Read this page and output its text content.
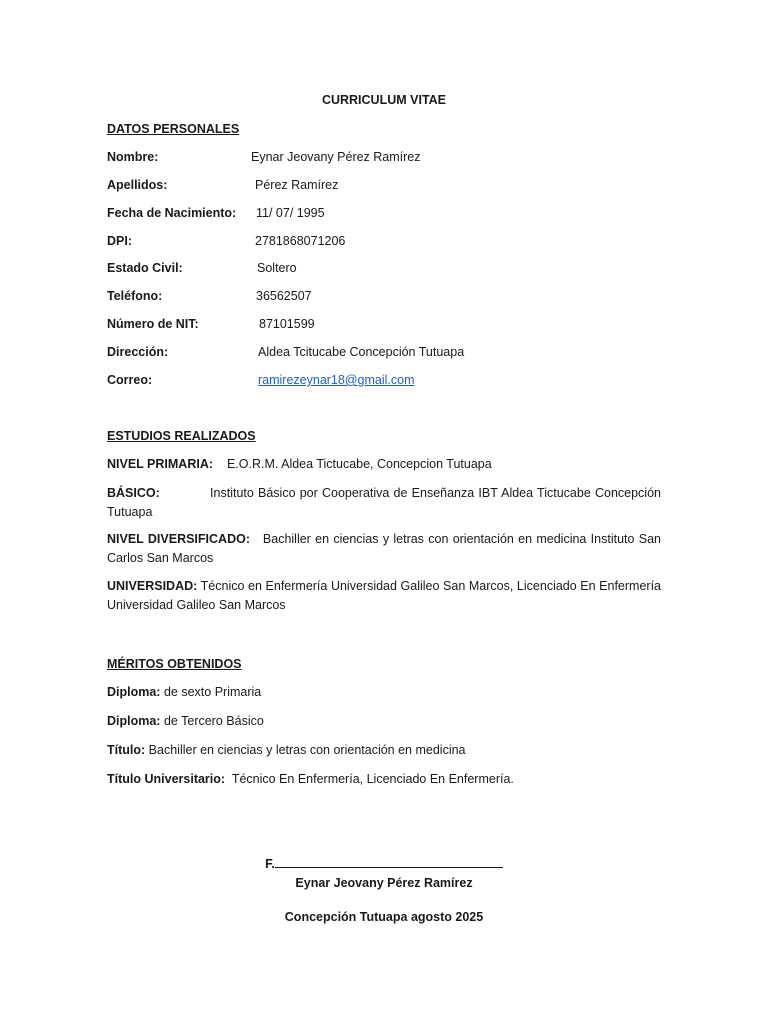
CURRICULUM VITAE
DATOS PERSONALES
Nombre:	Eynar Jeovany Pérez Ramírez
Apellidos:	Pérez Ramírez
Fecha de Nacimiento: 11/ 07/ 1995
DPI:	2781868071206
Estado Civil:	Soltero
Teléfono:	36562507
Número de NIT:	87101599
Dirección:	Aldea Tcitucabe Concepción Tutuapa
Correo:	ramirezeynar18@gmail.com
ESTUDIOS REALIZADOS
NIVEL PRIMARIA: E.O.R.M. Aldea Tictucabe, Concepcion Tutuapa
BÁSICO:	Instituto Básico por Cooperativa de Enseñanza IBT Aldea Tictucabe Concepción Tutuapa
NIVEL DIVERSIFICADO: Bachiller en ciencias y letras con orientación en medicina Instituto San Carlos San Marcos
UNIVERSIDAD: Técnico en Enfermería Universidad Galileo San Marcos, Licenciado En Enfermería Universidad Galileo San Marcos
MÉRITOS OBTENIDOS
Diploma: de sexto Primaria
Diploma: de Tercero Básico
Título: Bachiller en ciencias y letras con orientación en medicina
Título Universitario: Técnico En Enfermería, Licenciado En Enfermería.
F.
Eynar Jeovany Pérez Ramírez
Concepción Tutuapa agosto 2025
